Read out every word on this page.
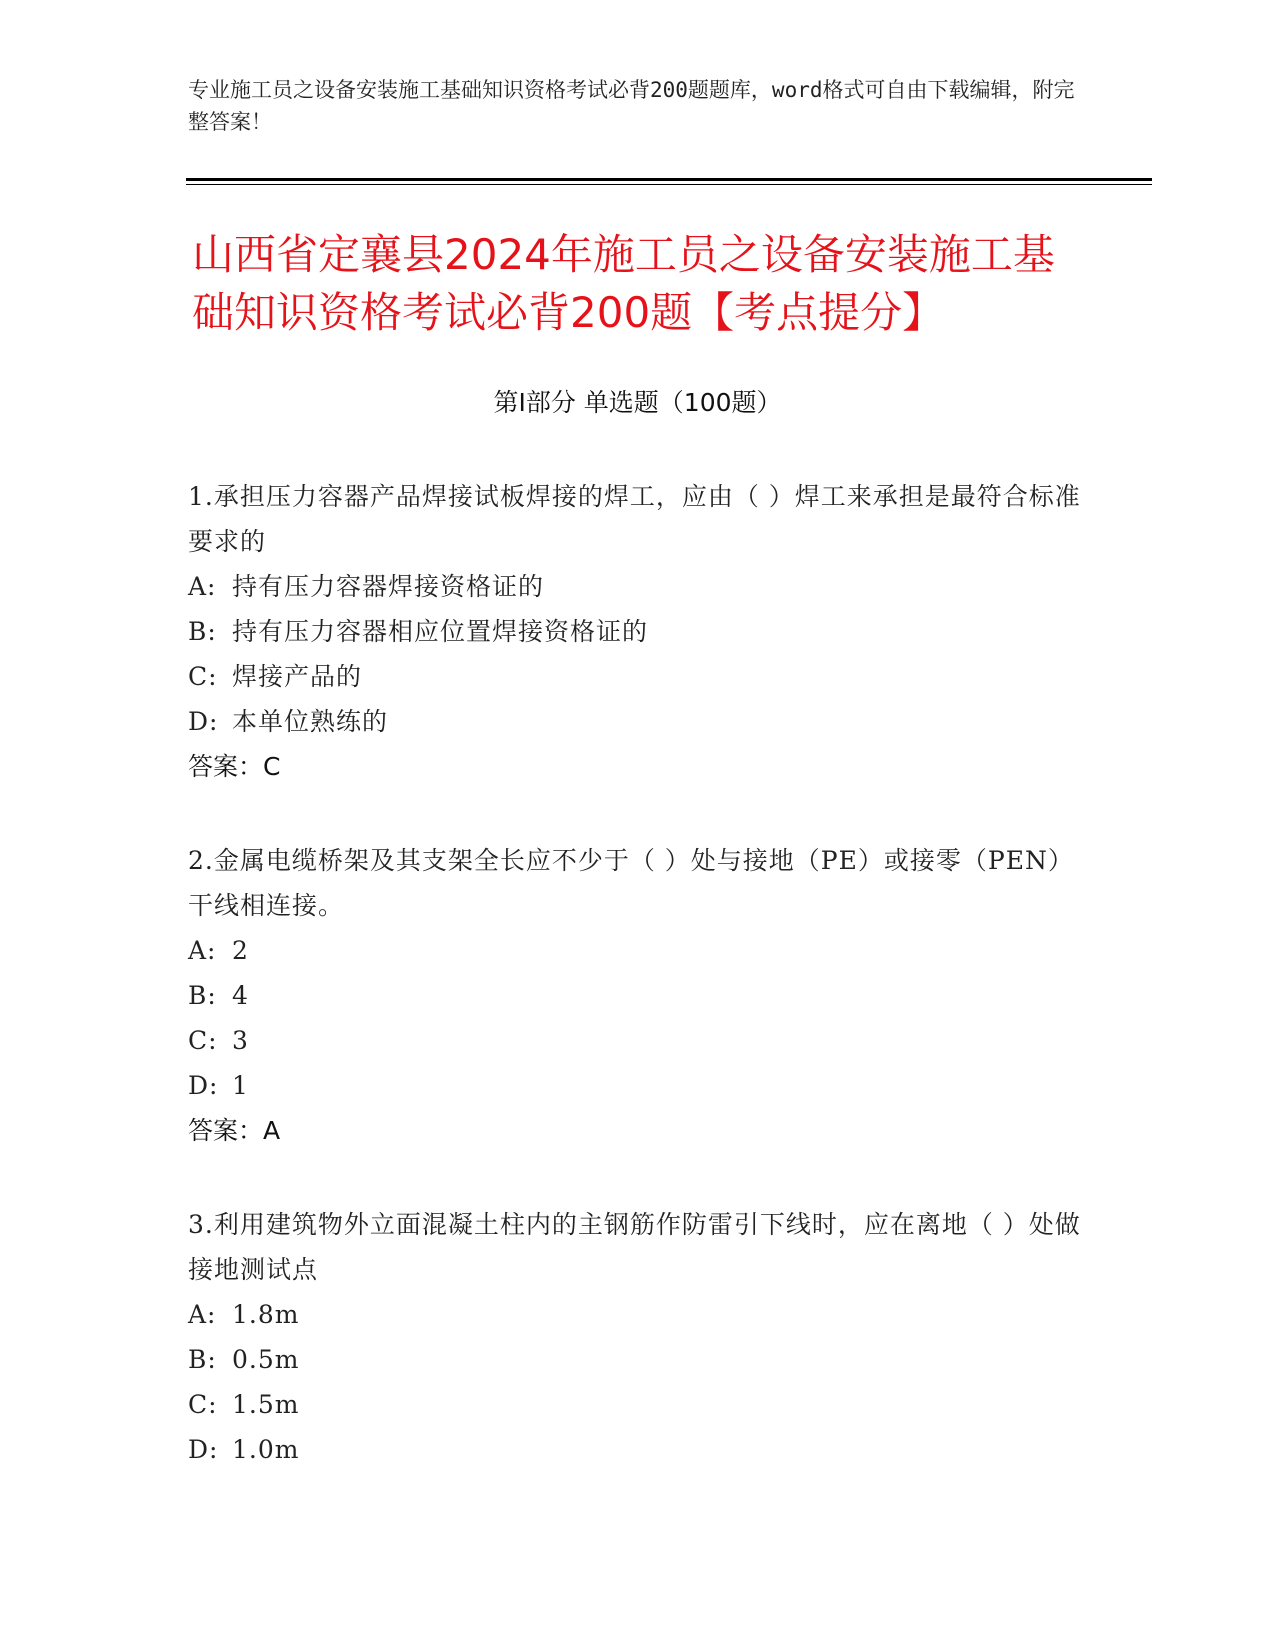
专业施工员之设备安装施工基础知识资格考试必背200题题库，word格式可自由下载编辑，附完整答案！
山西省定襄县2024年施工员之设备安装施工基础知识资格考试必背200题【考点提分】
第Ⅰ部分 单选题（100题）
1.承担压力容器产品焊接试板焊接的焊工，应由（ ）焊工来承担是最符合标准要求的
A: 持有压力容器焊接资格证的
B: 持有压力容器相应位置焊接资格证的
C: 焊接产品的
D: 本单位熟练的
答案：C
2.金属电缆桥架及其支架全长应不少于（ ）处与接地（PE）或接零（PEN）干线相连接。
A: 2
B: 4
C: 3
D: 1
答案：A
3.利用建筑物外立面混凝土柱内的主钢筋作防雷引下线时，应在离地（ ）处做接地测试点
A: 1.8m
B: 0.5m
C: 1.5m
D: 1.0m
